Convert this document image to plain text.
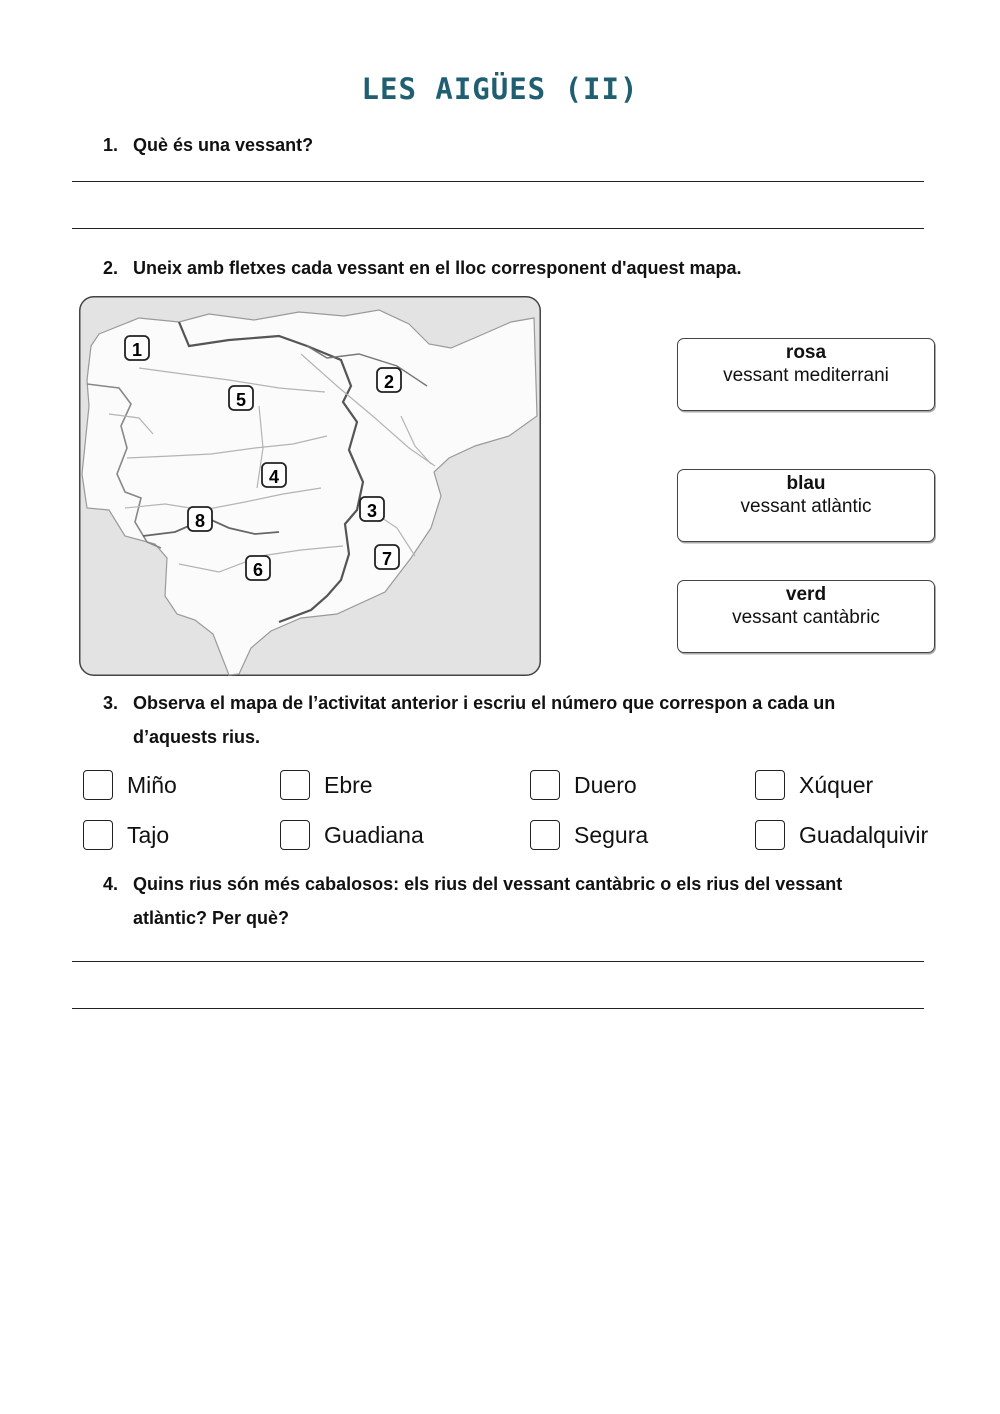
LES AIGÜES (II)
1. Què és una vessant?
2. Uneix amb fletxes cada vessant en el lloc corresponent d'aquest mapa.
1
2
3
4
5
6
7
8
rosa
vessant mediterrani
blau
vessant atlàntic
verd
vessant cantàbric
3. Observa el mapa de l’activitat anterior i escriu el número que correspon a cada un
d’aquests rius.
Miño	Ebre	Duero	Xúquer
Tajo	Guadiana	Segura	Guadalquivir
4. Quins rius són més cabalosos: els rius del vessant cantàbric o els rius del vessant
atlàntic? Per què?
